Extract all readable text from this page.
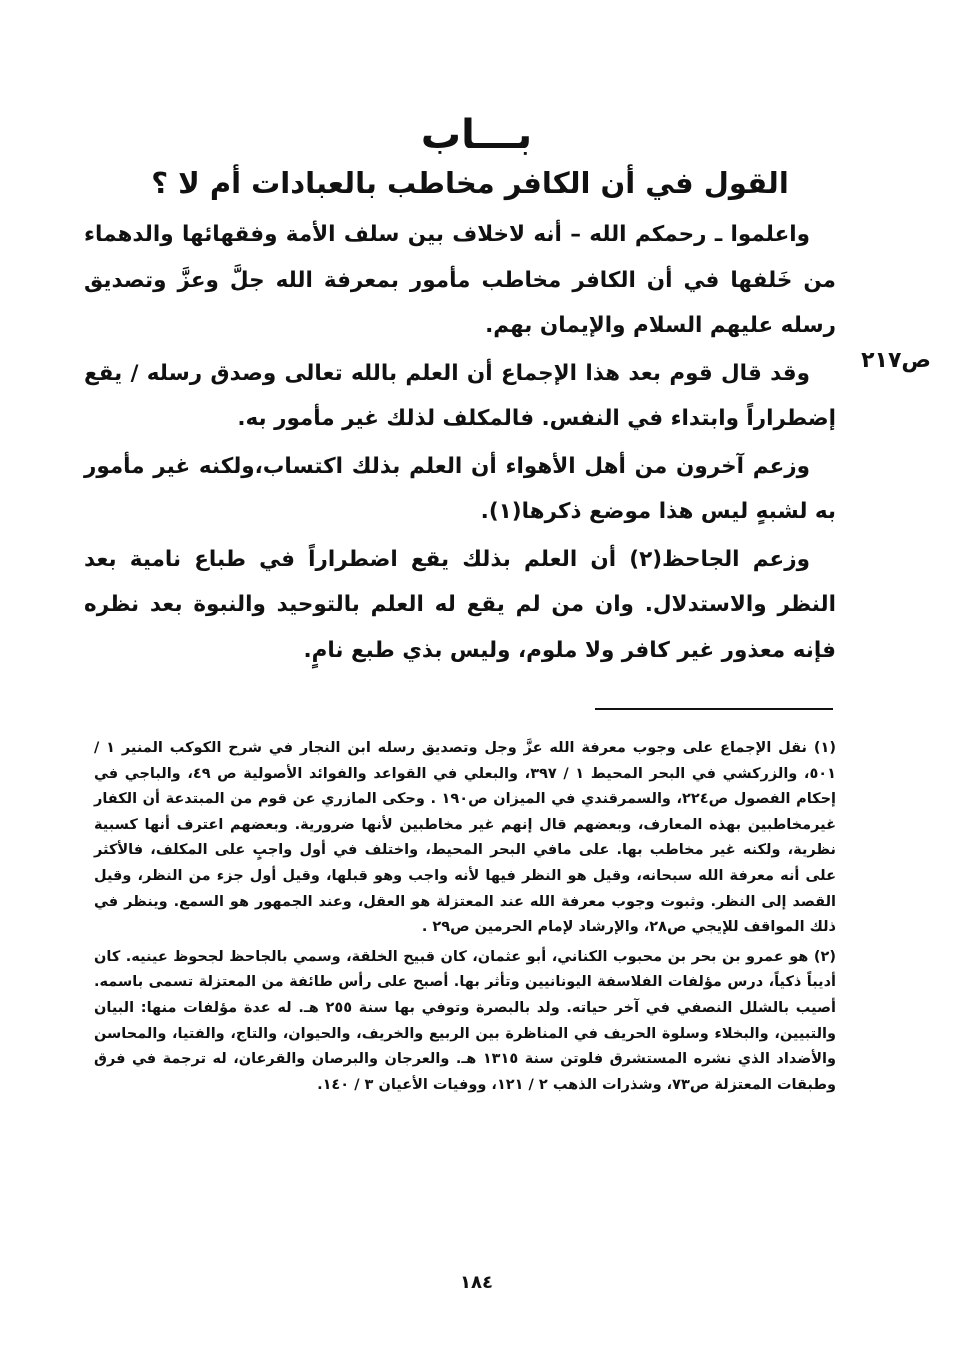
بـــاب
القول في أن الكافر مخاطب بالعبادات أم لا ؟
ص٢١٧

واعلموا ـ رحمكم الله – أنه لاخلاف بين سلف الأمة وفقهائها والدهماء من خَلفها في أن الكافر مخاطب مأمور بمعرفة الله جلَّ وعزَّ وتصديق رسله عليهم السلام والإيمان بهم.

وقد قال قوم بعد هذا الإجماع أن العلم بالله تعالى وصدق رسله / يقع إضطراراً وابتداء في النفس. فالمكلف لذلك غير مأمور به.

وزعم آخرون من أهل الأهواء أن العلم بذلك اكتساب،ولكنه غير مأمور به لشبهٍ ليس هذا موضع ذكرها(١).

وزعم الجاحظ(٢) أن العلم بذلك يقع اضطراراً في طباع نامية بعد النظر والاستدلال. وان من لم يقع له العلم بالتوحيد والنبوة بعد نظره فإنه معذور غير كافر ولا ملوم، وليس بذي طبع نامٍ.

(١) نقل الإجماع على وجوب معرفة الله عزَّ وجل وتصديق رسله ابن النجار في شرح الكوكب المنير ١ / ٥٠١، والزركشي في البحر المحيط ١ / ٣٩٧، والبعلي في القواعد والفوائد الأصولية ص ٤٩، والباجي في إحكام الفصول ص٢٢٤، والسمرقندي في الميزان ص١٩٠ . وحكى المازري عن قوم من المبتدعة أن الكفار غيرمخاطبين بهذه المعارف، وبعضهم قال إنهم غير مخاطبين لأنها ضرورية. وبعضهم اعترف أنها كسبية نظرية، ولكنه غير مخاطب بها. على مافي البحر المحيط، واختلف في أول واجبٍ على المكلف، فالأكثر على أنه معرفة الله سبحانه، وقيل هو النظر فيها لأنه واجب وهو قبلها، وقيل أول جزء من النظر، وقيل القصد إلى النظر. وثبوت وجوب معرفة الله عند المعتزلة هو العقل، وعند الجمهور هو السمع. وينظر في ذلك المواقف للإيجي ص٢٨، والإرشاد لإمام الحرمين ص٢٩ .

(٢) هو عمرو بن بحر بن محبوب الكناني، أبو عثمان، كان قبيح الخلقة، وسمي بالجاحظ لجحوظ عينيه. كان أديباً ذكياً، درس مؤلفات الفلاسفة اليونانيين وتأثر بها. أصبح على رأس طائفة من المعتزلة تسمى باسمه. أصيب بالشلل النصفي في آخر حياته. ولد بالبصرة وتوفي بها سنة ٢٥٥ هـ. له عدة مؤلفات منها: البيان والتبيين، والبخلاء وسلوة الحريف في المناظرة بين الربيع والخريف، والحيوان، والتاج، والفتيا، والمحاسن والأضداد الذي نشره المستشرق فلوتن سنة ١٣١٥ هـ. والعرجان والبرصان والقرعان، له ترجمة في فرق وطبقات المعتزلة ص٧٣، وشذرات الذهب ٢ / ١٢١، ووفيات الأعيان ٣ / ١٤٠.

١٨٤
